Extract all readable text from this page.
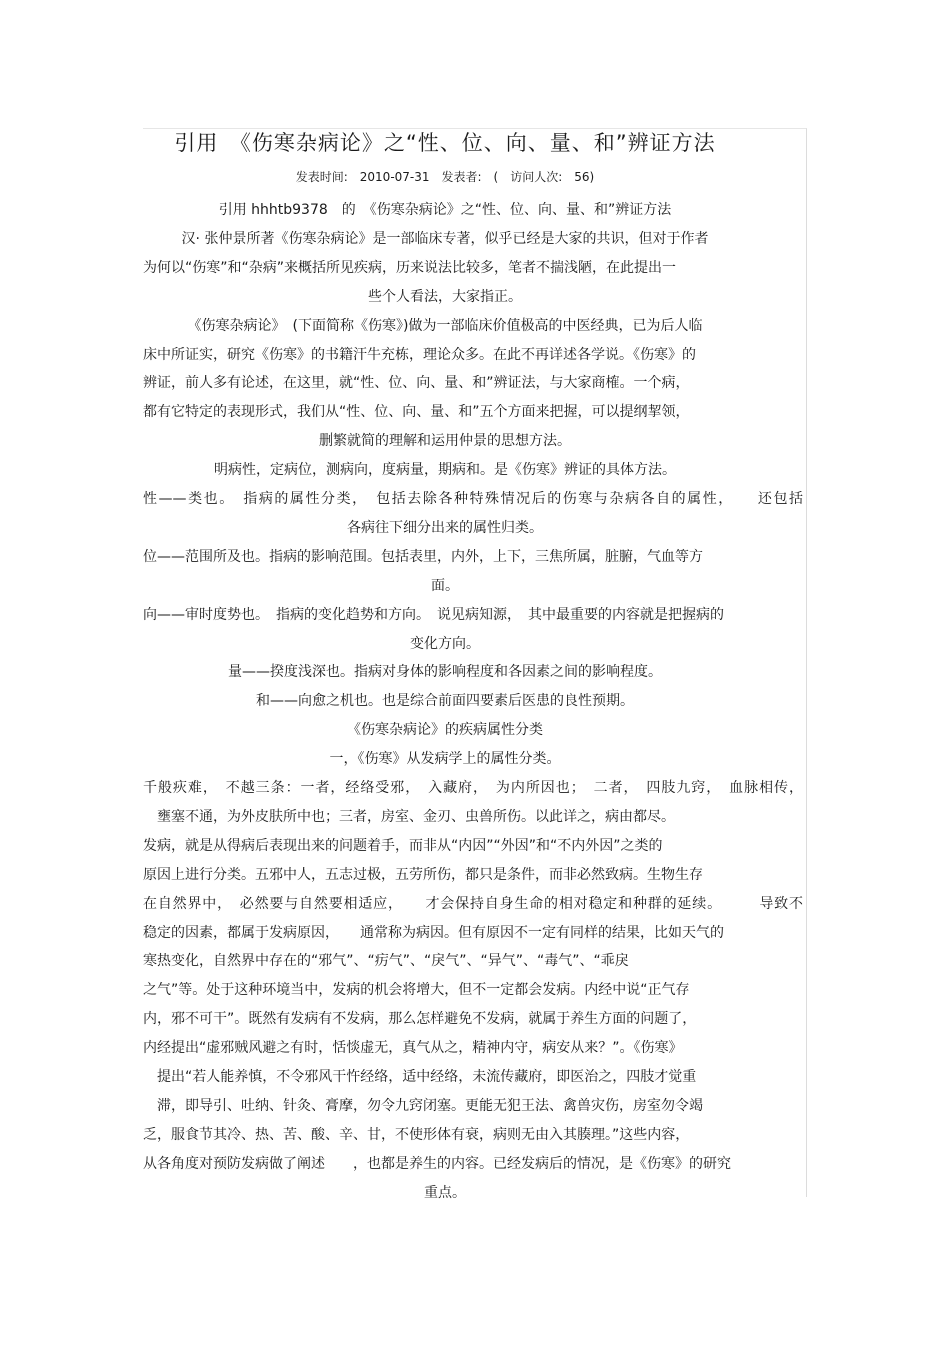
引用　《伤寒杂病论》之“性、位、向、量、和”辨证方法
发表时间:　2010-07-31　发表者:　(　访问人次:　56)
引用 hhhtb9378　的　《伤寒杂病论》之“性、位、向、量、和”辨证方法
汉· 张仲景所著《伤寒杂病论》是一部临床专著，似乎已经是大家的共识，但对于作者
为何以“伤寒”和“杂病”来概括所见疾病，历来说法比较多，笔者不揣浅陋，在此提出一
些个人看法，大家指正。
《伤寒杂病论》　(下面简称《伤寒》)做为一部临床价值极高的中医经典，已为后人临
床中所证实，研究《伤寒》的书籍汗牛充栋，理论众多。在此不再详述各学说。《伤寒》的
辨证，前人多有论述，在这里，就“性、位、向、量、和”辨证法，与大家商榷。一个病，
都有它特定的表现形式，我们从“性、位、向、量、和”五个方面来把握，可以提纲挈领，
删繁就简的理解和运用仲景的思想方法。
明病性，定病位，测病向，度病量，期病和。是《伤寒》辨证的具体方法。
性——类也。　指病的属性分类，　包括去除各种特殊情况后的伤寒与杂病各自的属性，　　还包括
各病往下细分出来的属性归类。
位——范围所及也。指病的影响范围。包括表里，内外，上下，三焦所属，脏腑，气血等方
面。
向——审时度势也。　指病的变化趋势和方向。　说见病知源，　其中最重要的内容就是把握病的
变化方向。
量——揆度浅深也。指病对身体的影响程度和各因素之间的影响程度。
和——向愈之机也。也是综合前面四要素后医患的良性预期。
《伤寒杂病论》的疾病属性分类
一，《伤寒》从发病学上的属性分类。
千般疢难，　不越三条：一者，经络受邪，　入藏府，　为内所因也；　二者，　四肢九窍，　血脉相传，
　壅塞不通，为外皮肤所中也；三者，房室、金刃、虫兽所伤。以此详之，病由都尽。
发病，就是从得病后表现出来的问题着手，而非从“内因”“外因”和“不内外因”之类的
原因上进行分类。五邪中人，五志过极，五劳所伤，都只是条件，而非必然致病。生物生存
在自然界中，　必然要与自然要相适应，　　才会保持自身生命的相对稳定和种群的延续。　　　导致不
稳定的因素，都属于发病原因，　　通常称为病因。但有原因不一定有同样的结果，比如天气的
寒热变化，自然界中存在的“邪气”、“疠气”、“戾气”、“异气”、“毒气”、“乖戾
之气”等。处于这种环境当中，发病的机会将增大，但不一定都会发病。内经中说“正气存
内，邪不可干”。既然有发病有不发病，那么怎样避免不发病，就属于养生方面的问题了，
内经提出“虚邪贼风避之有时，恬惔虚无，真气从之，精神内守，病安从来？”。《伤寒》
　提出“若人能养慎，不令邪风干忤经络，适中经络，未流传藏府，即医治之，四肢才觉重
　滞，即导引、吐纳、针灸、膏摩，勿令九窍闭塞。更能无犯王法、禽兽灾伤，房室勿令竭
乏，服食节其冷、热、苦、酸、辛、甘，不使形体有衰，病则无由入其腠理。”这些内容，
从各角度对预防发病做了阐述　　，也都是养生的内容。已经发病后的情况，是《伤寒》的研究
重点。
